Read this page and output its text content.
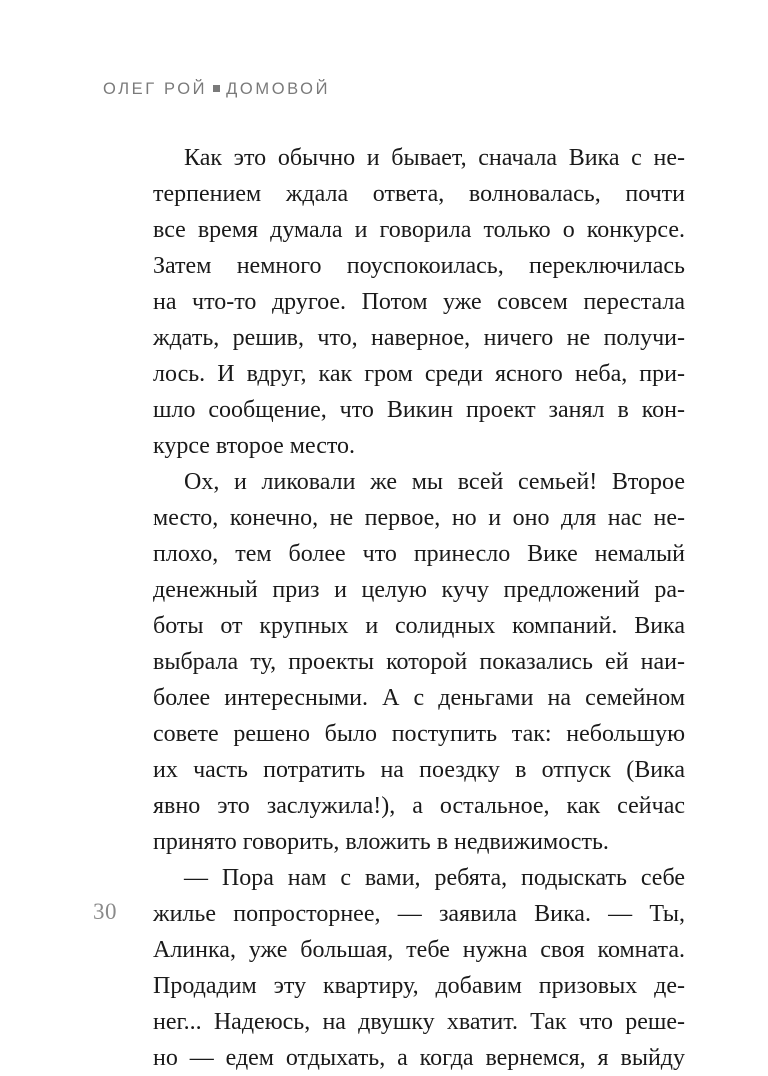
ОЛЕГ РОЙ ДОМОВОЙ
Как это обычно и бывает, сначала Вика с не-
терпением ждала ответа, волновалась, почти
все время думала и говорила только о конкурсе.
Затем немного поуспокоилась, переключилась
на что-то другое. Потом уже совсем перестала
ждать, решив, что, наверное, ничего не получи-
лось. И вдруг, как гром среди ясного неба, при-
шло сообщение, что Викин проект занял в кон-
курсе второе место.
Ох, и ликовали же мы всей семьей! Второе
место, конечно, не первое, но и оно для нас не-
плохо, тем более что принесло Вике немалый
денежный приз и целую кучу предложений ра-
боты от крупных и солидных компаний. Вика
выбрала ту, проекты которой показались ей наи-
более интересными. А с деньгами на семейном
совете решено было поступить так: небольшую
их часть потратить на поездку в отпуск (Вика
явно это заслужила!), а остальное, как сейчас
принято говорить, вложить в недвижимость.
— Пора нам с вами, ребята, подыскать себе
жилье попросторнее, — заявила Вика. — Ты,
Алинка, уже большая, тебе нужна своя комната.
Продадим эту квартиру, добавим призовых де-
нег... Надеюсь, на двушку хватит. Так что реше-
но — едем отдыхать, а когда вернемся, я выйду
30
